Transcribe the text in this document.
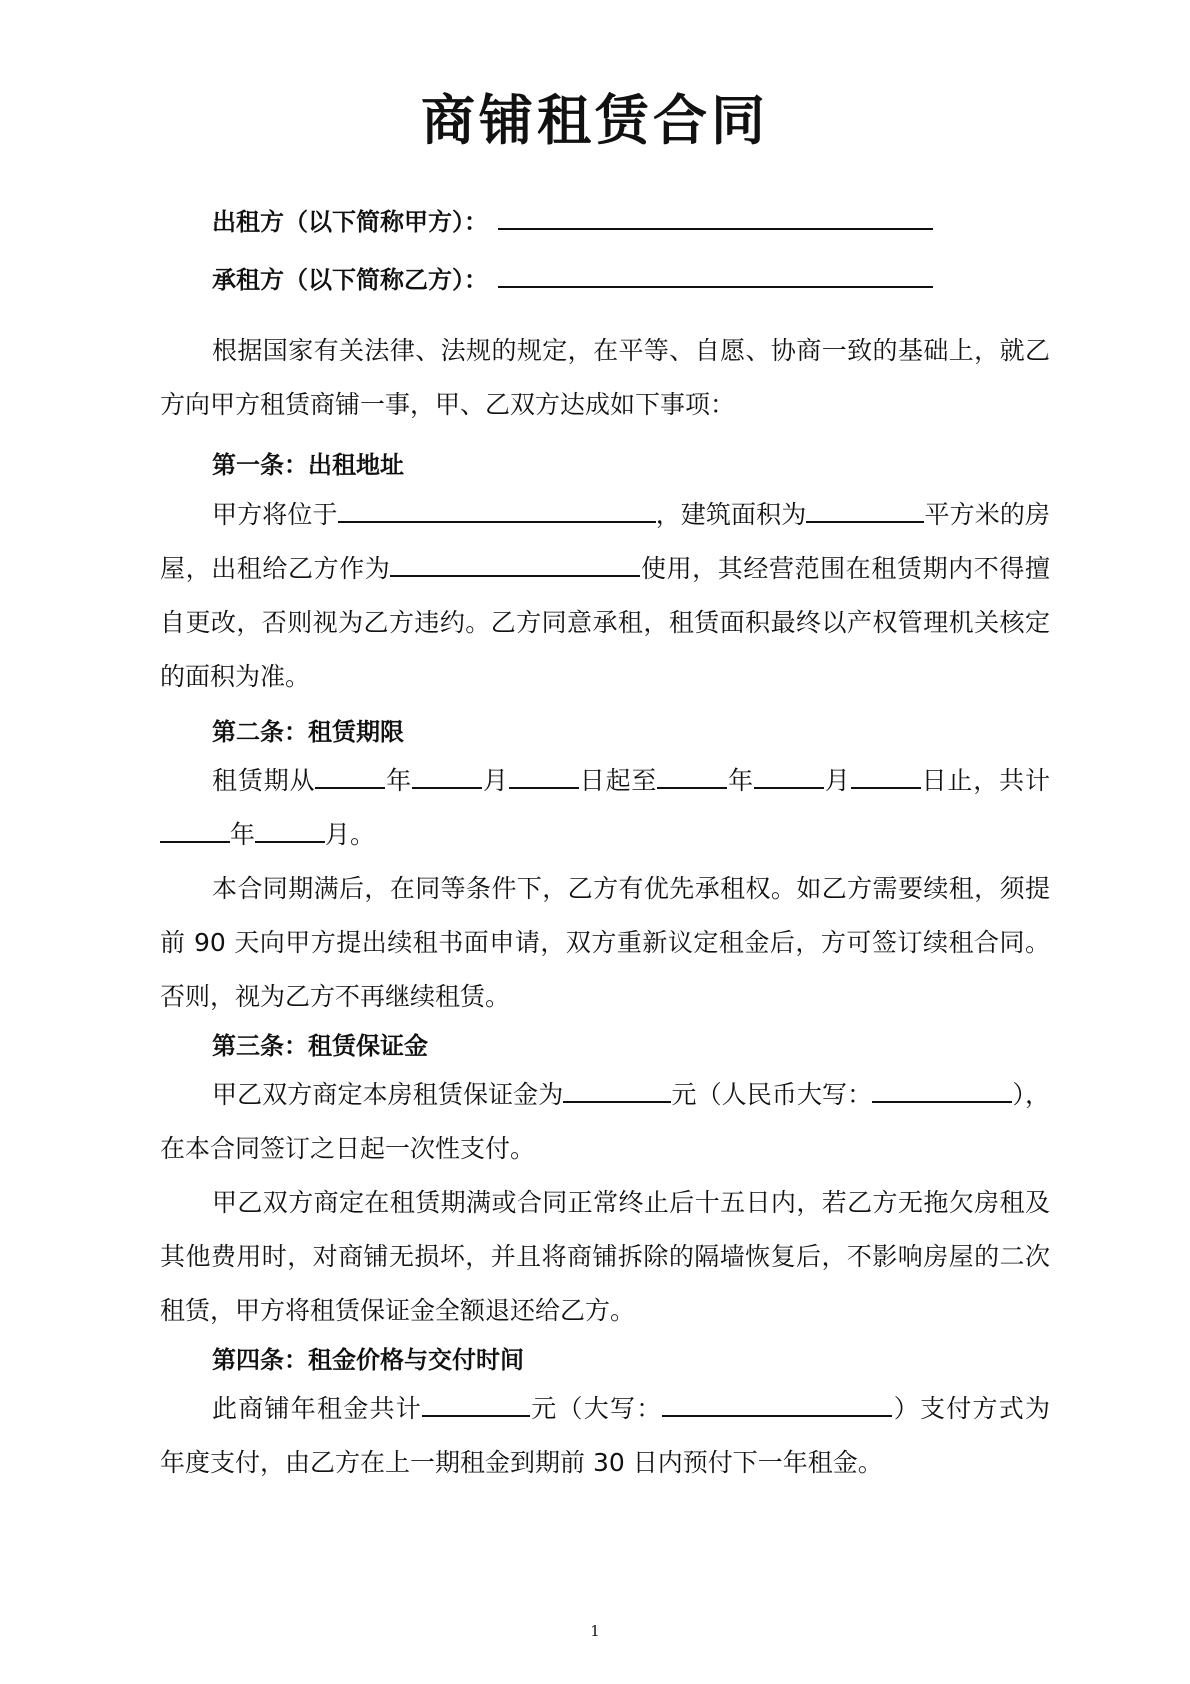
商铺租赁合同
出租方（以下简称甲方）：
承租方（以下简称乙方）：

根据国家有关法律、法规的规定，在平等、自愿、协商一致的基础上，就乙方向甲方租赁商铺一事，甲、乙双方达成如下事项：

第一条：出租地址

甲方将位于	，建筑面积为	平方米的房屋，出租给乙方作为	使用，其经营范围在租赁期内不得擅自更改，否则视为乙方违约。乙方同意承租，租赁面积最终以产权管理机关核定的面积为准。

第二条：租赁期限

租赁期从	年	月	日起至	年	月	日止，共计年	月。

本合同期满后，在同等条件下，乙方有优先承租权。如乙方需要续租，须提前 90 天向甲方提出续租书面申请，双方重新议定租金后，方可签订续租合同。否则，视为乙方不再继续租赁。

第三条：租赁保证金

甲乙双方商定本房租赁保证金为	元（人民币大写：	），在本合同签订之日起一次性支付。

甲乙双方商定在租赁期满或合同正常终止后十五日内，若乙方无拖欠房租及其他费用时，对商铺无损坏，并且将商铺拆除的隔墙恢复后，不影响房屋的二次租赁，甲方将租赁保证金全额退还给乙方。

第四条：租金价格与交付时间

此商铺年租金共计	元（大写：	）支付方式为年度支付，由乙方在上一期租金到期前 30 日内预付下一年租金。

1
